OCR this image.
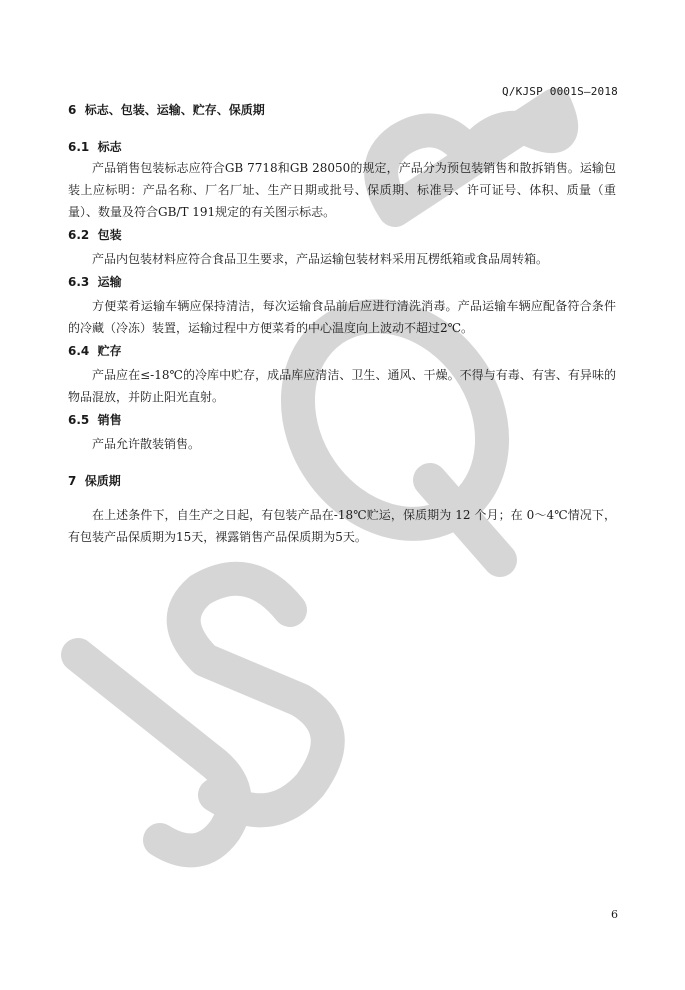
Q/KJSP 0001S—2018
6 标志、包装、运输、贮存、保质期
6.1 标志

产品销售包装标志应符合GB 7718和GB 28050的规定，产品分为预包装销售和散拆销售。运输包装上应标明：产品名称、厂名厂址、生产日期或批号、保质期、标准号、许可证号、体积、质量（重量）、数量及符合GB/T 191规定的有关图示标志。

6.2 包装

产品内包装材料应符合食品卫生要求，产品运输包装材料采用瓦楞纸箱或食品周转箱。

6.3 运输

方便菜肴运输车辆应保持清洁，每次运输食品前后应进行清洗消毒。产品运输车辆应配备符合条件的冷藏（冷冻）装置，运输过程中方便菜肴的中心温度向上波动不超过2℃。

6.4 贮存

产品应在≤-18℃的冷库中贮存，成品库应清洁、卫生、通风、干燥。不得与有毒、有害、有异味的物品混放，并防止阳光直射。

6.5 销售

产品允许散装销售。

7 保质期

在上述条件下，自生产之日起，有包装产品在-18℃贮运，保质期为 12 个月；在 0～4℃情况下，有包装产品保质期为15天，裸露销售产品保质期为5天。

6
